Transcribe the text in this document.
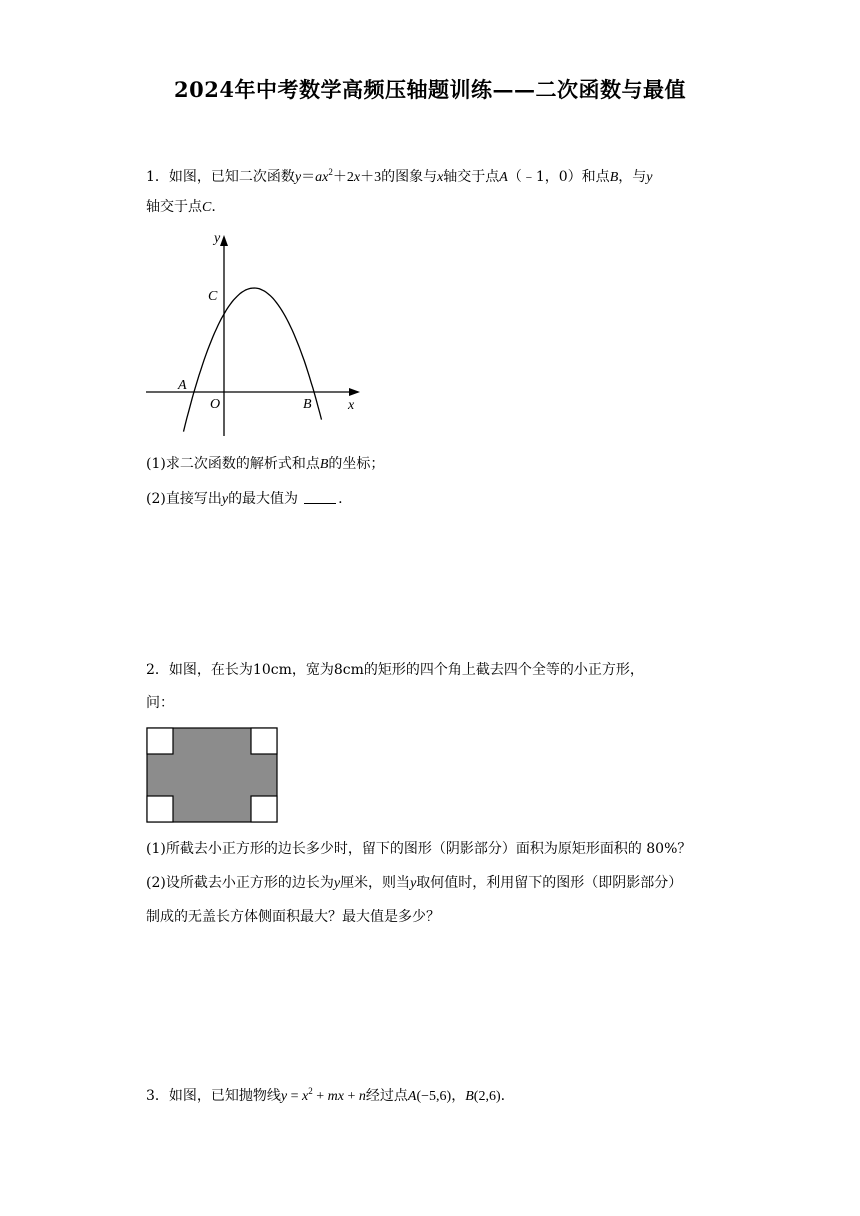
2024年中考数学高频压轴题训练——二次函数与最值
1．如图，已知二次函数$y=ax^2+2x+3$的图象与x轴交于点A（﹣1，0）和点B，与y
轴交于点C.
y
x
C
A
O	B
(1)求二次函数的解析式和点B的坐标；
(2)直接写出y的最大值为	.
2．如图，在长为10cm，宽为8cm的矩形的四个角上截去四个全等的小正方形，
问：
(1)所截去小正方形的边长多少时，留下的图形（阴影部分）面积为原矩形面积的 80%？
(2)设所截去小正方形的边长为y厘米，则当y取何值时，利用留下的图形（即阴影部分）
制成的无盖长方体侧面积最大？最大值是多少？
3．如图，已知抛物线$y = x^2$ + mx + n经过点A(−5,6)，B(2,6).
